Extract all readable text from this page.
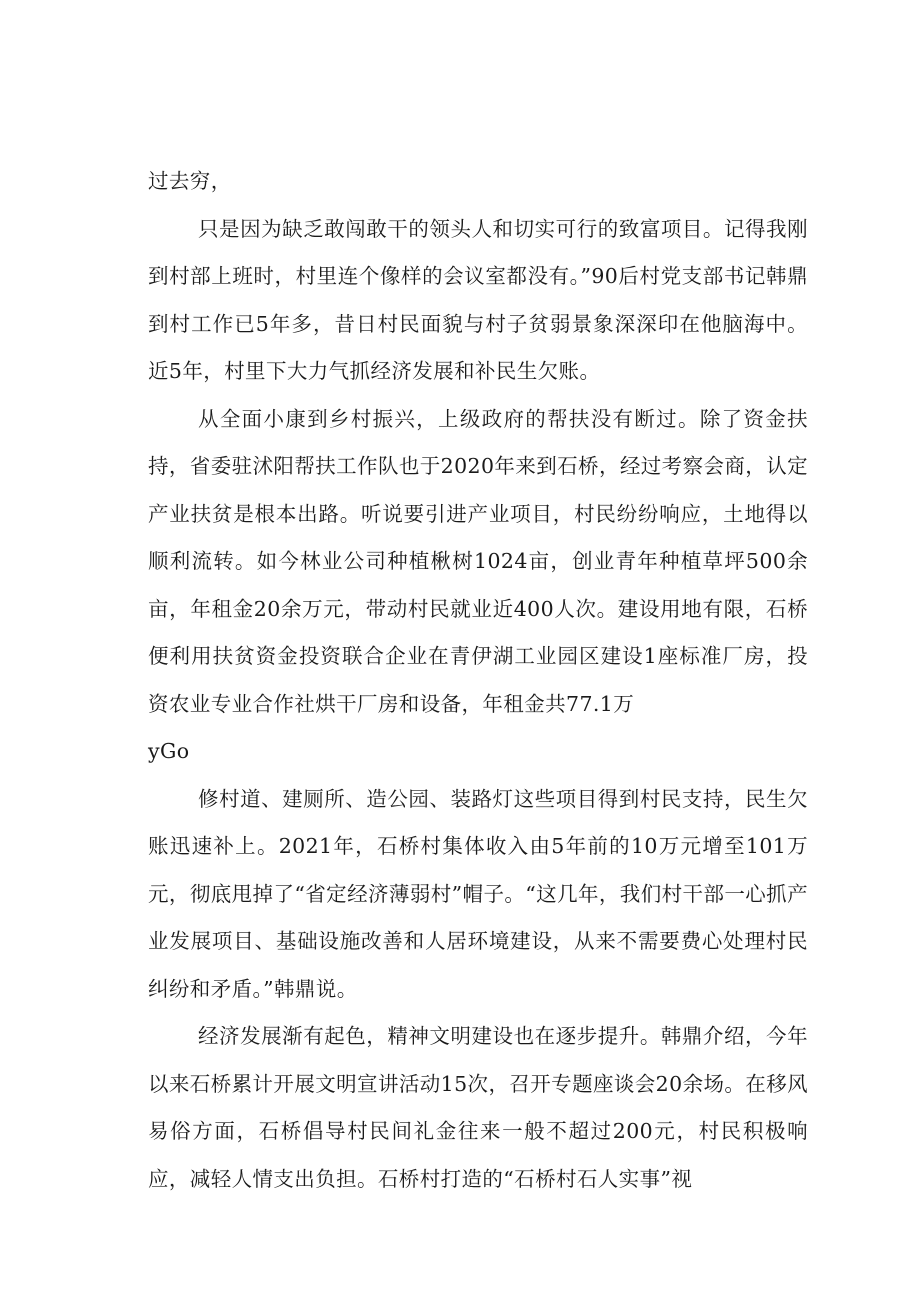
过去穷，

只是因为缺乏敢闯敢干的领头人和切实可行的致富项目。记得我刚到村部上班时，村里连个像样的会议室都没有。”90后村党支部书记韩鼎到村工作已5年多，昔日村民面貌与村子贫弱景象深深印在他脑海中。近5年，村里下大力气抓经济发展和补民生欠账。

从全面小康到乡村振兴，上级政府的帮扶没有断过。除了资金扶持，省委驻沭阳帮扶工作队也于2020年来到石桥，经过考察会商，认定产业扶贫是根本出路。听说要引进产业项目，村民纷纷响应，土地得以顺利流转。如今林业公司种植楸树1024亩，创业青年种植草坪500余亩，年租金20余万元，带动村民就业近400人次。建设用地有限，石桥便利用扶贫资金投资联合企业在青伊湖工业园区建设1座标准厂房，投资农业专业合作社烘干厂房和设备，年租金共77.1万

yGo

修村道、建厕所、造公园、装路灯这些项目得到村民支持，民生欠账迅速补上。2021年，石桥村集体收入由5年前的10万元增至101万元，彻底甩掉了“省定经济薄弱村”帽子。“这几年，我们村干部一心抓产业发展项目、基础设施改善和人居环境建设，从来不需要费心处理村民纠纷和矛盾。”韩鼎说。

经济发展渐有起色，精神文明建设也在逐步提升。韩鼎介绍，今年以来石桥累计开展文明宣讲活动15次，召开专题座谈会20余场。在移风易俗方面，石桥倡导村民间礼金往来一般不超过200元，村民积极响应，减轻人情支出负担。石桥村打造的“石桥村石人实事”视
